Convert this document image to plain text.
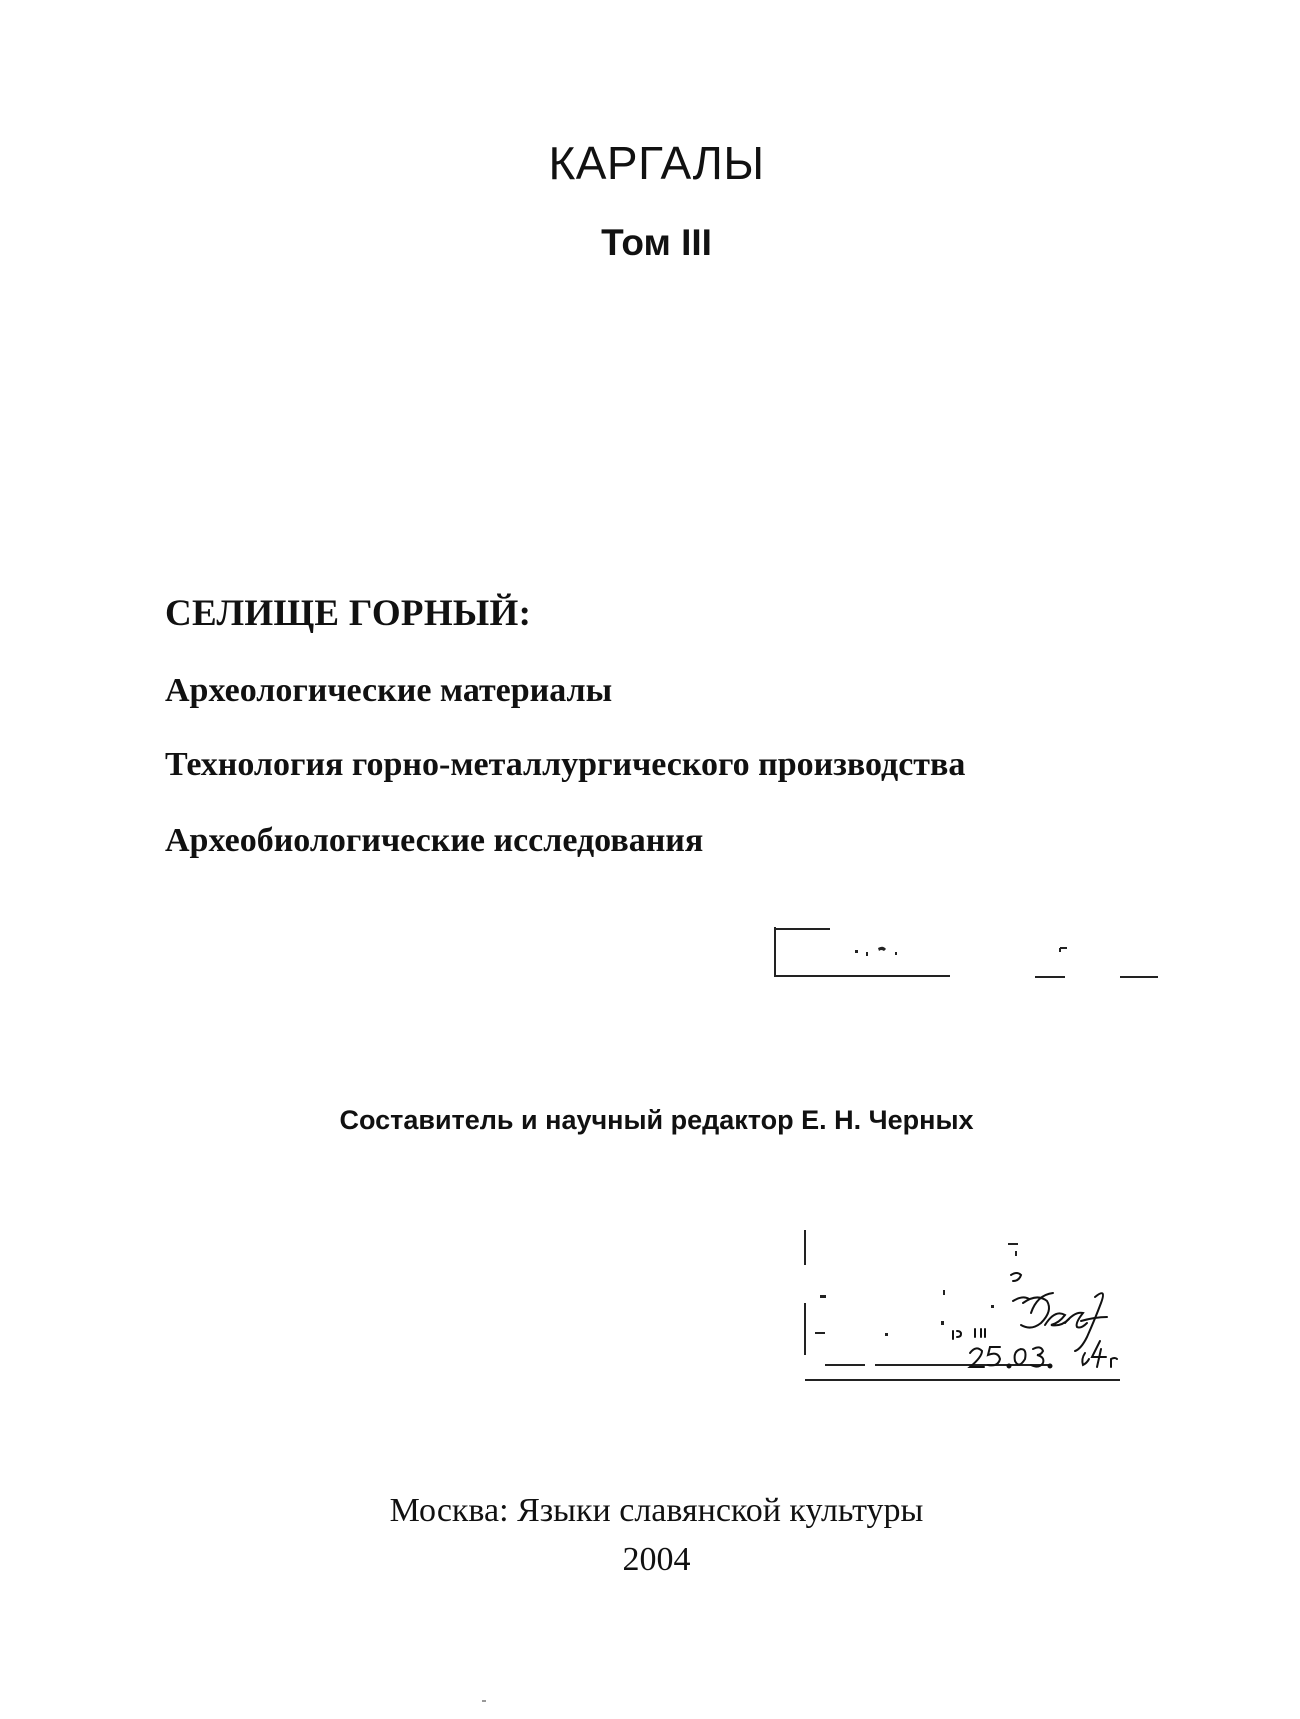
КАРГАЛЫ
Том III
СЕЛИЩЕ ГОРНЫЙ:
Археологические материалы
Технология горно-металлургического производства
Археобиологические исследования
Составитель и научный редактор Е. Н. Черных
Москва: Языки славянской культуры
2004
